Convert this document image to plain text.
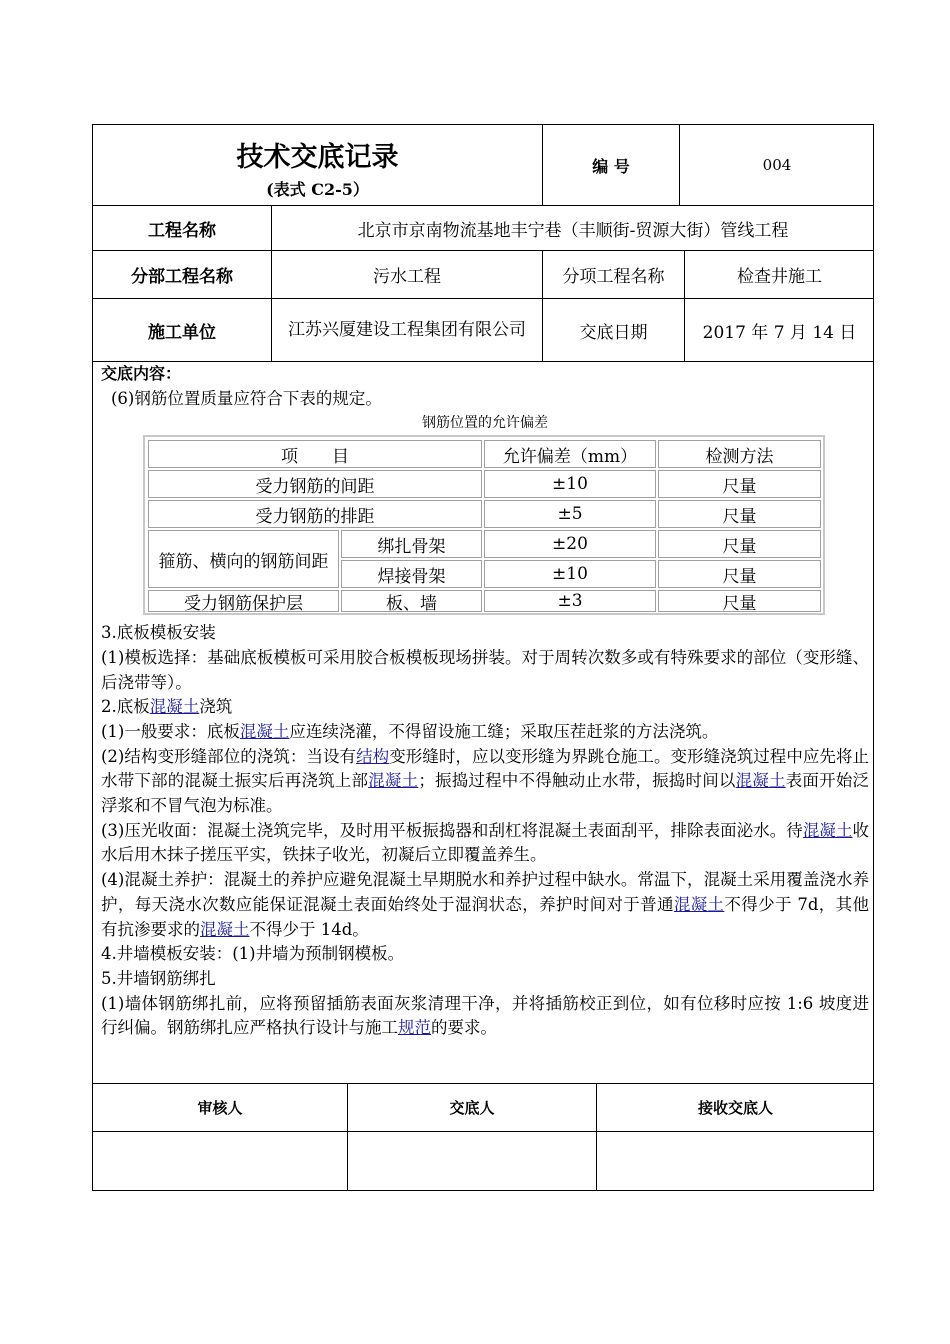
技术交底记录
(表式 C2-5）
编 号	004
工程名称	北京市京南物流基地丰宁巷（丰顺街-贸源大街）管线工程
分部工程名称	污水工程	分项工程名称	检查井施工
施工单位	江苏兴厦建设工程集团有限公司	交底日期	2017 年 7 月 14 日

交底内容：

(6)钢筋位置质量应符合下表的规定。

钢筋位置的允许偏差

3.底板模板安装

(1)模板选择：基础底板模板可采用胶合板模板现场拼装。对于周转次数多或有特殊要求的部位（变形缝、后浇带等）。

2.底板混凝土浇筑

(1)一般要求：底板混凝土应连续浇灌，不得留设施工缝；采取压茬赶浆的方法浇筑。

(2)结构变形缝部位的浇筑：当设有结构变形缝时，应以变形缝为界跳仓施工。变形缝浇筑过程中应先将止水带下部的混凝土振实后再浇筑上部混凝土；振捣过程中不得触动止水带，振捣时间以混凝土表面开始泛浮浆和不冒气泡为标准。

(3)压光收面：混凝土浇筑完毕，及时用平板振捣器和刮杠将混凝土表面刮平，排除表面泌水。待混凝土收水后用木抹子搓压平实，铁抹子收光，初凝后立即覆盖养生。

(4)混凝土养护：混凝土的养护应避免混凝土早期脱水和养护过程中缺水。常温下，混凝土采用覆盖浇水养护，每天浇水次数应能保证混凝土表面始终处于湿润状态，养护时间对于普通混凝土不得少于 7d，其他有抗渗要求的混凝土不得少于 14d。

4.井墙模板安装：(1)井墙为预制钢模板。

5.井墙钢筋绑扎

(1)墙体钢筋绑扎前，应将预留插筋表面灰浆清理干净，并将插筋校正到位，如有位移时应按 1:6 坡度进行纠偏。钢筋绑扎应严格执行设计与施工规范的要求。

项　　目	允许偏差（mm）	检测方法
受力钢筋的间距	±10	尺量
受力钢筋的排距	±5	尺量
箍筋、横向的钢筋间距
绑扎骨架	±20	尺量
焊接骨架	±10	尺量
受力钢筋保护层	板、墙	±3	尺量
审核人	交底人	接收交底人
